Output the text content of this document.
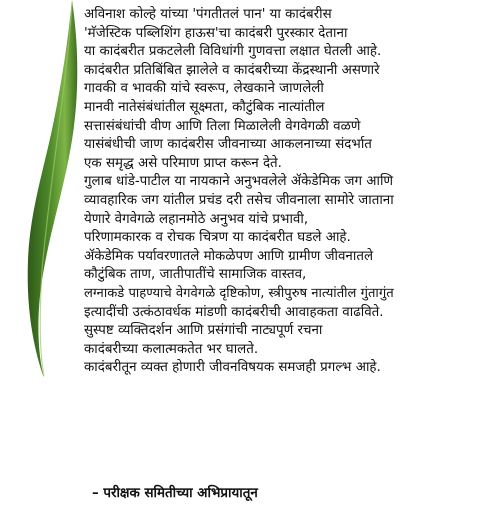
अविनाश कोल्हे यांच्या 'पंगतीतलं पान' या कादंबरीस
'मॅजेस्टिक पब्लिशिंग हाऊस'चा कादंबरी पुरस्कार देताना
या कादंबरीत प्रकटलेली विविधांगी गुणवत्ता लक्षात घेतली आहे.
कादंबरीत प्रतिबिंबित झालेले व कादंबरीच्या केंद्रस्थानी असणारे
गावकी व भावकी यांचे स्वरूप, लेखकाने जाणलेली
मानवी नातेसंबंधांतील सूक्ष्मता, कौटुंबिक नात्यांतील
सत्तासंबंधांची वीण आणि तिला मिळालेली वेगवेगळी वळणे
यासंबंधीची जाण कादंबरीस जीवनाच्या आकलनाच्या संदर्भात
एक समृद्ध असे परिमाण प्राप्त करून देते.
गुलाब धांडे-पाटील या नायकाने अनुभवलेले ॲकेडेमिक जग आणि
व्यावहारिक जग यांतील प्रचंड दरी तसेच जीवनाला सामोरे जाताना
येणारे वेगवेगळे लहानमोठे अनुभव यांचे प्रभावी,
परिणामकारक व रोचक चित्रण या कादंबरीत घडले आहे.
ॲकेडेमिक पर्यावरणातले मोकळेपण आणि ग्रामीण जीवनातले
कौटुंबिक ताण, जातीपातींचे सामाजिक वास्तव,
लग्नाकडे पाहण्याचे वेगवेगळे दृष्टिकोण, स्त्रीपुरुष नात्यांतील गुंतागुंत
इत्यादींची उत्कंठावर्धक मांडणी कादंबरीची आवाहकता वाढविते.
सुस्पष्ट व्यक्तिदर्शन आणि प्रसंगांची नाट्यपूर्ण रचना
कादंबरीच्या कलात्मकतेत भर घालते.
कादंबरीतून व्यक्त होणारी जीवनविषयक समजही प्रगल्भ आहे.
– परीक्षक समितीच्या अभिप्रायातून
